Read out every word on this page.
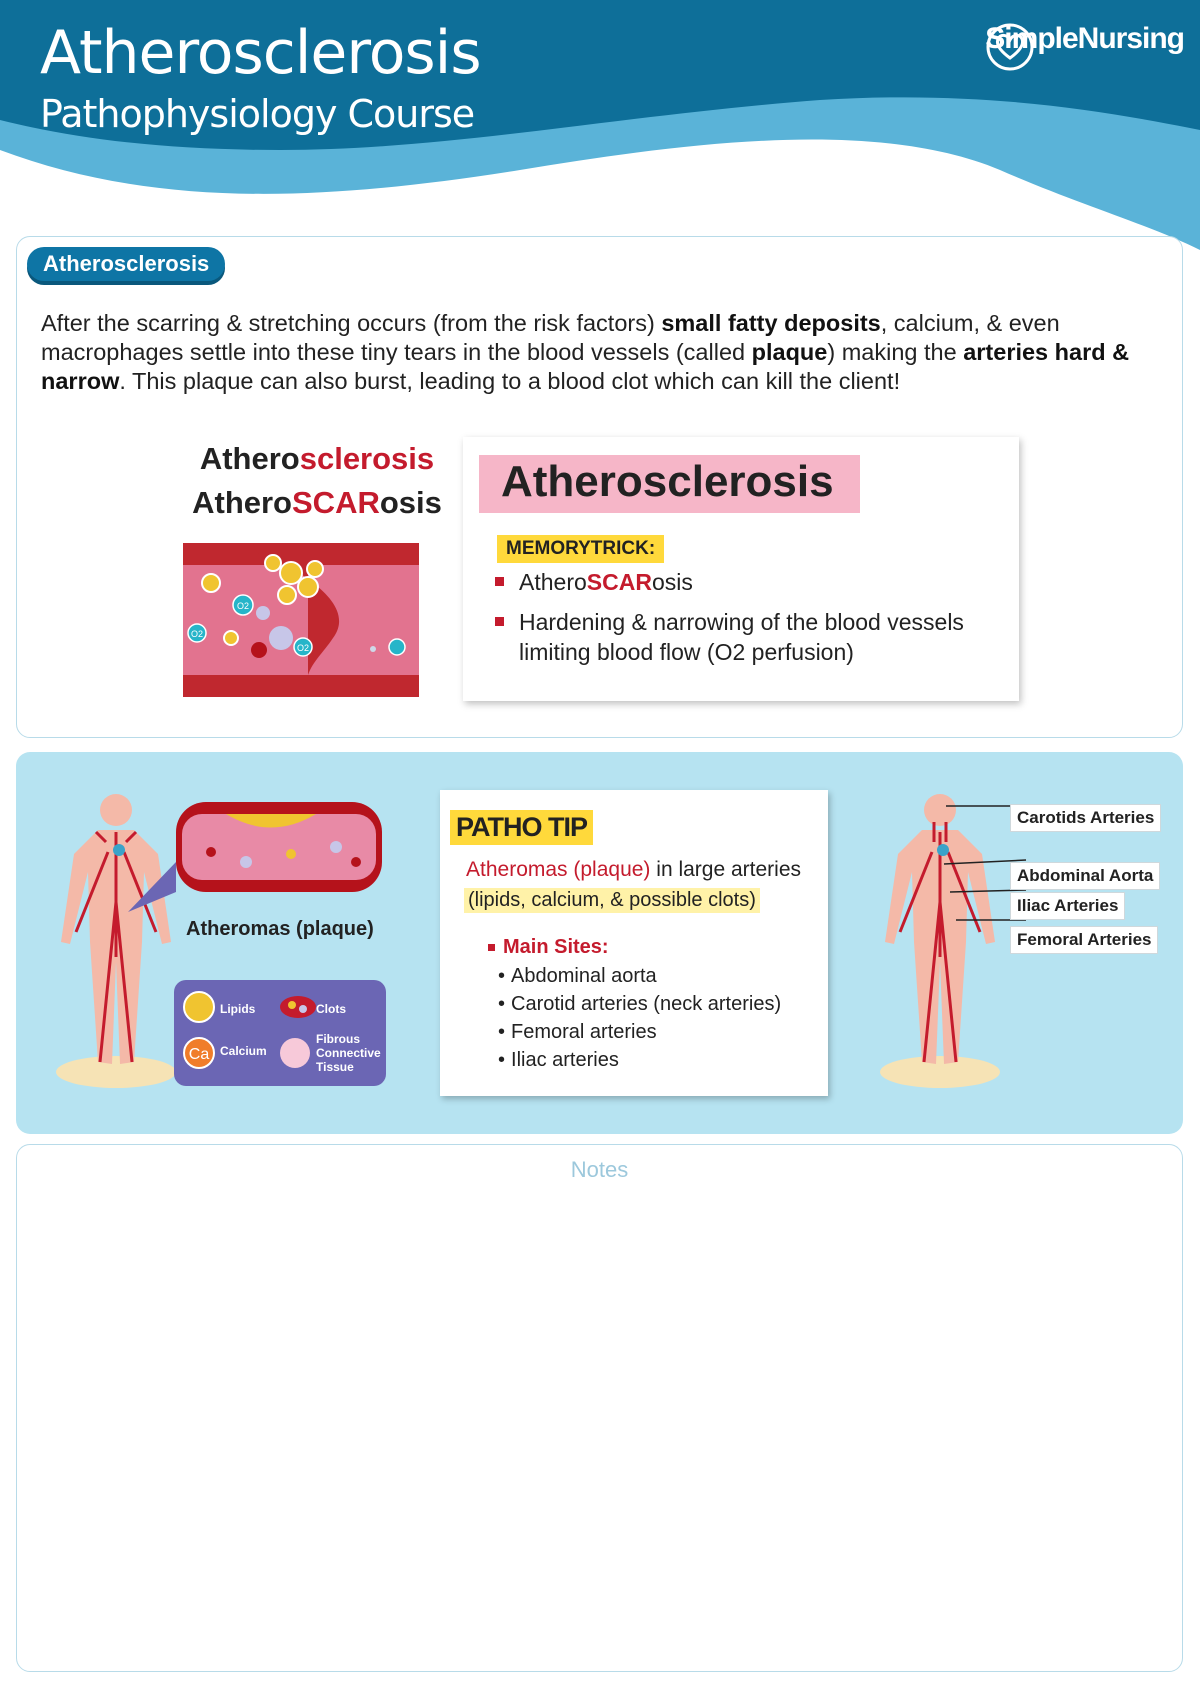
Atherosclerosis
Pathophysiology Course
SimpleNursing
Atherosclerosis
After the scarring & stretching occurs (from the risk factors) small fatty deposits, calcium, & even macrophages settle into these tiny tears in the blood vessels (called plaque) making the arteries hard & narrow. This plaque can also burst, leading to a blood clot which can kill the client!
Atherosclerosis
AtheroSCARosis
O2
O2
O2
Atherosclerosis
MEMORYTRICK:
AtheroSCARosis
Hardening & narrowing of the blood vessels limiting blood flow (O2 perfusion)
Atheromas (plaque)
Lipids	Clots
Ca Calcium
Fibrous
Connective
Tissue
PATHO TIP
Atheromas (plaque) in large arteries
(lipids, calcium, & possible clots)
Main Sites:
• Abdominal aorta
• Carotid arteries (neck arteries)
• Femoral arteries
• Iliac arteries
Carotids Arteries
Abdominal Aorta
Iliac Arteries
Femoral Arteries
Notes
